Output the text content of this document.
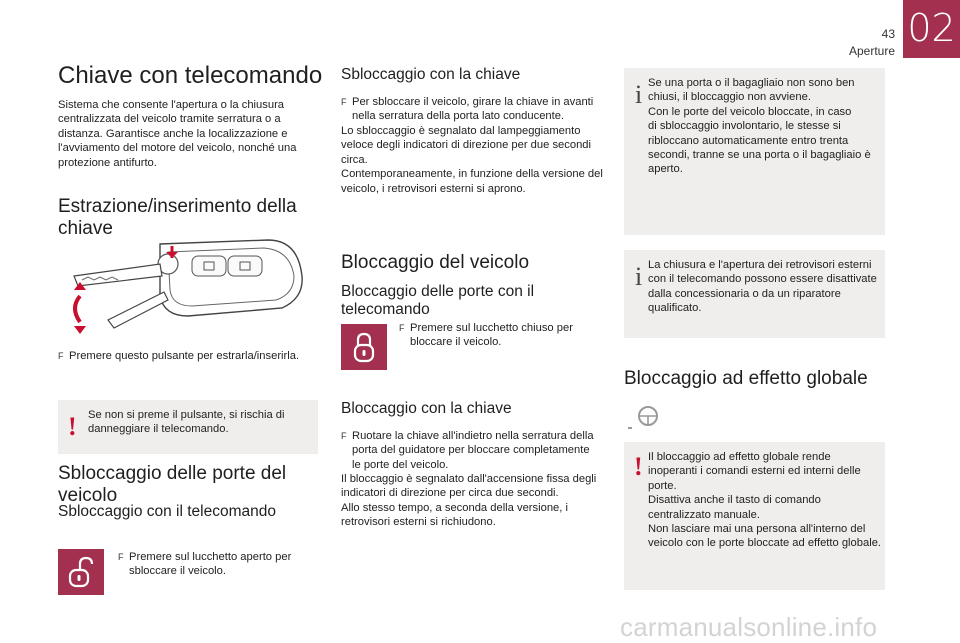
43
Aperture
02
Chiave con telecomando

Sistema che consente l'apertura o la chiusura
centralizzata del veicolo tramite serratura o a
distanza. Garantisce anche la localizzazione e
l'avviamento del motore del veicolo, nonché una
protezione antifurto.

Estrazione/inserimento della
chiave
F Premere questo pulsante per estrarla/inserirla.
! Se non si preme il pulsante, si rischia di
danneggiare il telecomando.

Sbloccaggio delle porte del
veicolo
Sbloccaggio con il telecomando
F Premere sul lucchetto aperto per
sbloccare il veicolo.
Sbloccaggio con la chiave
F Per sbloccare il veicolo, girare la chiave in avanti
nella serratura della porta lato conducente.

Lo sbloccaggio è segnalato dal lampeggiamento
veloce degli indicatori di direzione per due secondi
circa.
Contemporaneamente, in funzione della versione del
veicolo, i retrovisori esterni si aprono.

Bloccaggio del veicolo
Bloccaggio delle porte con il
telecomando
F Premere sul lucchetto chiuso per
bloccare il veicolo.
Bloccaggio con la chiave
F Ruotare la chiave all'indietro nella serratura della
porta del guidatore per bloccare completamente
le porte del veicolo.

Il bloccaggio è segnalato dall'accensione fissa degli
indicatori di direzione per circa due secondi.
Allo stesso tempo, a seconda della versione, i
retrovisori esterni si richiudono.

i Se una porta o il bagagliaio non sono ben
chiusi, il bloccaggio non avviene.
Con le porte del veicolo bloccate, in caso
di sbloccaggio involontario, le stesse si
ribloccano automaticamente entro trenta
secondi, tranne se una porta o il bagagliaio è
aperto.

i La chiusura e l'apertura dei retrovisori esterni
con il telecomando possono essere disattivate
dalla concessionaria o da un riparatore
qualificato.

Bloccaggio ad effetto globale
! Il bloccaggio ad effetto globale rende
inoperanti i comandi esterni ed interni delle
porte.
Disattiva anche il tasto di comando
centralizzato manuale.
Non lasciare mai una persona all'interno del
veicolo con le porte bloccate ad effetto globale.

carmanualsonline.info
